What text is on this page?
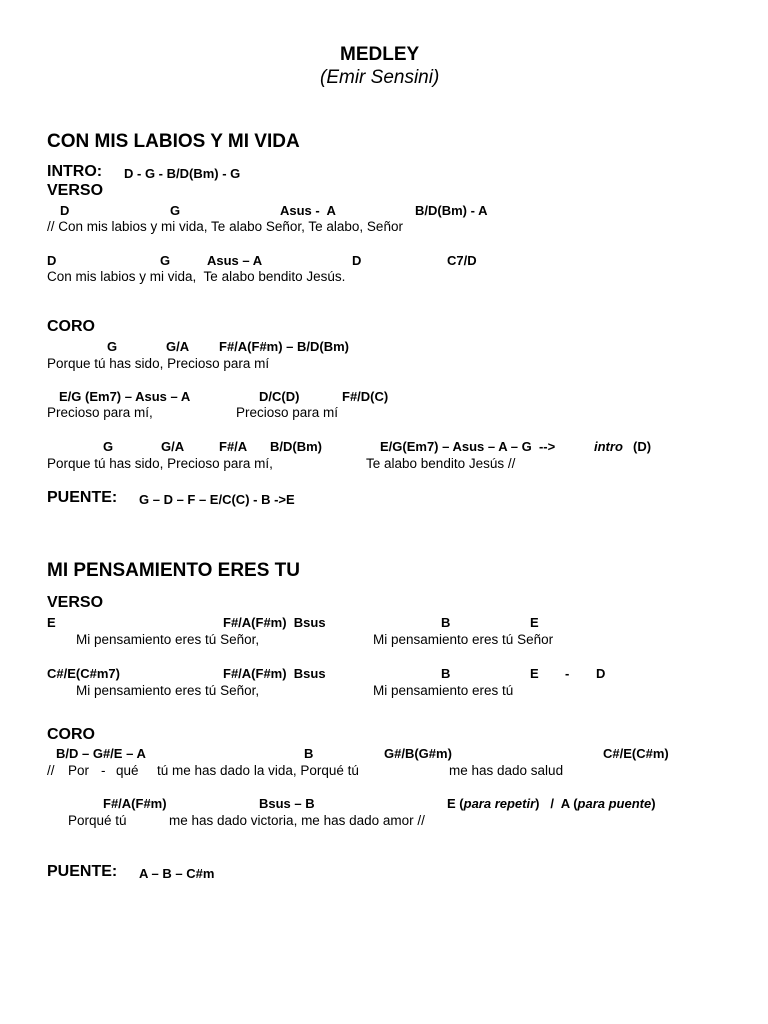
MEDLEY
(Emir Sensini)
CON MIS LABIOS Y MI VIDA
INTRO: D - G - B/D(Bm) - G
VERSO
D	G	Asus -  A	B/D(Bm) - A
// Con mis labios y mi vida, Te alabo Señor, Te alabo, Señor
D	G	Asus – A	D	C7/D
Con mis labios y mi vida,  Te alabo bendito Jesús.
CORO
G	G/A F#/A(F#m) – B/D(Bm)
Porque tú has sido, Precioso para mí
E/G (Em7) – Asus – A	D/C(D)	F#/D(C)
Precioso para mí,	Precioso para mí
G	G/A	F#/A B/D(Bm)	E/G(Em7) – Asus – A – G  -->	intro (D)
Porque tú has sido, Precioso para mí,	Te alabo bendito Jesús //
PUENTE: G – D – F – E/C(C) - B ->E
MI PENSAMIENTO ERES TU
VERSO
E	F#/A(F#m)  Bsus	B	E
Mi pensamiento eres tú Señor,	Mi pensamiento eres tú Señor
C#/E(C#m7)	F#/A(F#m)  Bsus	B	E - D
Mi pensamiento eres tú Señor,	Mi pensamiento eres tú
CORO
B/D – G#/E – A	B	G#/B(G#m)	C#/E(C#m)
// Por - qué tú me has dado la vida, Porqué tú	me has dado salud
F#/A(F#m)	Bsus – B	E (para repetir)   /  A (para puente)
Porqué tú	me has dado victoria, me has dado amor //
PUENTE: A – B – C#m
